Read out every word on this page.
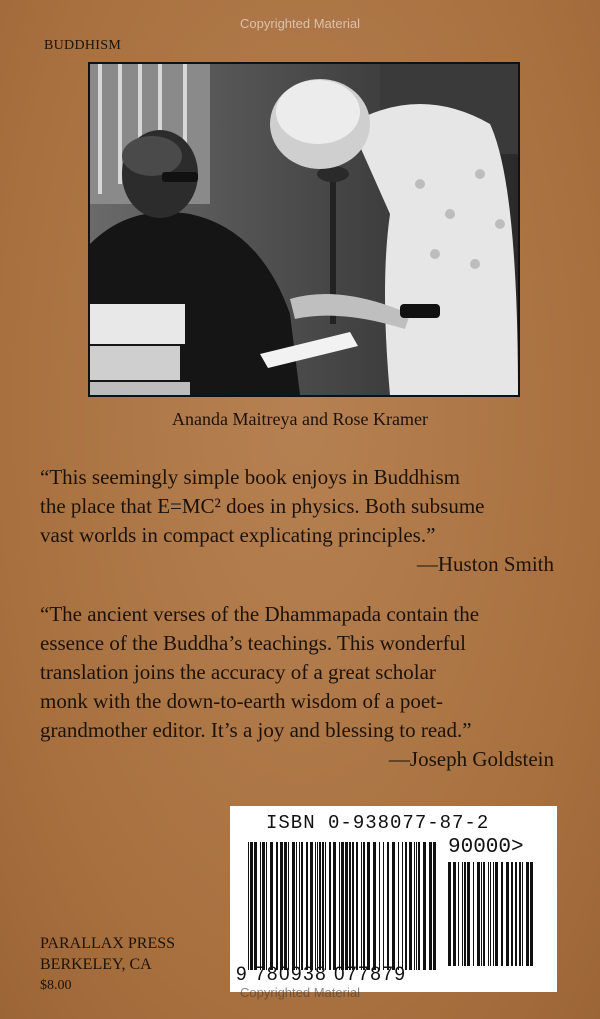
Copyrighted Material
BUDDHISM
Ananda Maitreya and Rose Kramer
“This seemingly simple book enjoys in Buddhism
the place that E=MC² does in physics. Both subsume
vast worlds in compact explicating principles.”
—Huston Smith
“The ancient verses of the Dhammapada contain the
essence of the Buddha’s teachings. This wonderful
translation joins the accuracy of a great scholar
monk with the down-to-earth wisdom of a poet-
grandmother editor. It’s a joy and blessing to read.”
—Joseph Goldstein
ISBN 0-938077-87-2
90000>
9 780938 077879
PARALLAX PRESS
BERKELEY, CA
$8.00	Copyrighted Material
